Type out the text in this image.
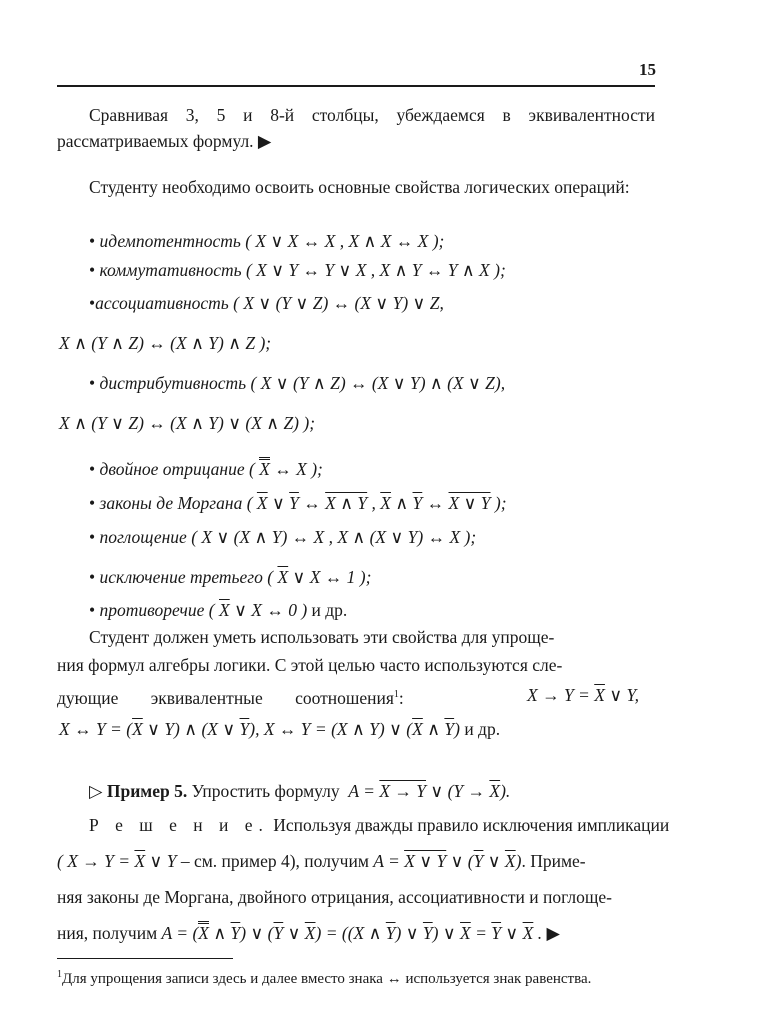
15

Сравнивая 3, 5 и 8-й столбцы, убеждаемся в эквивалентности рассматриваемых формул. ▶

Студенту необходимо освоить основные свойства логических операций:

• идемпотентность ( X ∨ X ↔ X , X ∧ X ↔ X );
• коммутативность ( X ∨ Y ↔ Y ∨ X , X ∧ Y ↔ Y ∧ X );
•ассоциативность ( X ∨ (Y ∨ Z) ↔ (X ∨ Y) ∨ Z,
X ∧ (Y ∧ Z) ↔ (X ∧ Y) ∧ Z );
• дистрибутивность ( X ∨ (Y ∧ Z) ↔ (X ∨ Y) ∧ (X ∨ Z),
X ∧ (Y ∨ Z) ↔ (X ∧ Y) ∨ (X ∧ Z) );
• двойное отрицание ( X ↔ X );
• законы де Моргана ( $\overline{X}$ ∨ $\overline{Y}$ ↔ X ∧ Y , $\overline{X}$ ∧ $\overline{Y}$ ↔ X ∨ Y );
• поглощение ( X ∨ (X ∧ Y) ↔ X , X ∧ (X ∨ Y) ↔ X );
• исключение третьего ( $\overline{X}$ ∨ X ↔ 1 );
• противоречие ( $\overline{X}$ ∨ X ↔ 0 ) и др.
Студент должен уметь использовать эти свойства для упроще-
ния формул алгебры логики. С этой целью часто используются сле-
дующие эквивалентные соотношения$^1$:	$X \to Y = \overline{X}$ ∨ Y,
X ↔ $Y = (\overline{X}$ ∨ Y) ∧ (X ∨ $\overline{Y}$), X ↔ Y = (X ∧ Y) ∨ ($\overline{X}$ ∧ $\overline{Y}$) и др.
▷ Пример 5. Упростить формулу  A = X → Y ∨ $(Y \to \overline{X})$.
Р е ш е н и е. Используя дважды правило исключения импликации
( $X \to Y = \overline{X}$ ∨ Y – см. пример 4), получим A = X ∨ Y ∨ ($\overline{Y}$ ∨ $\overline{X}$). Приме-
няя законы де Моргана, двойного отрицания, ассоциативности и поглоще-
ния, получим A = (X ∧ $\overline{Y}$) ∨ ($\overline{Y}$ ∨ $\overline{X}) = ((X$ ∧ $\overline{Y}$) ∨ $\overline{Y}$) ∨ $\overline{X} = \overline{Y}$ ∨ $\overline{X}$ . ▶
$^1$Для упрощения записи здесь и далее вместо знака ↔ используется знак равенства.
